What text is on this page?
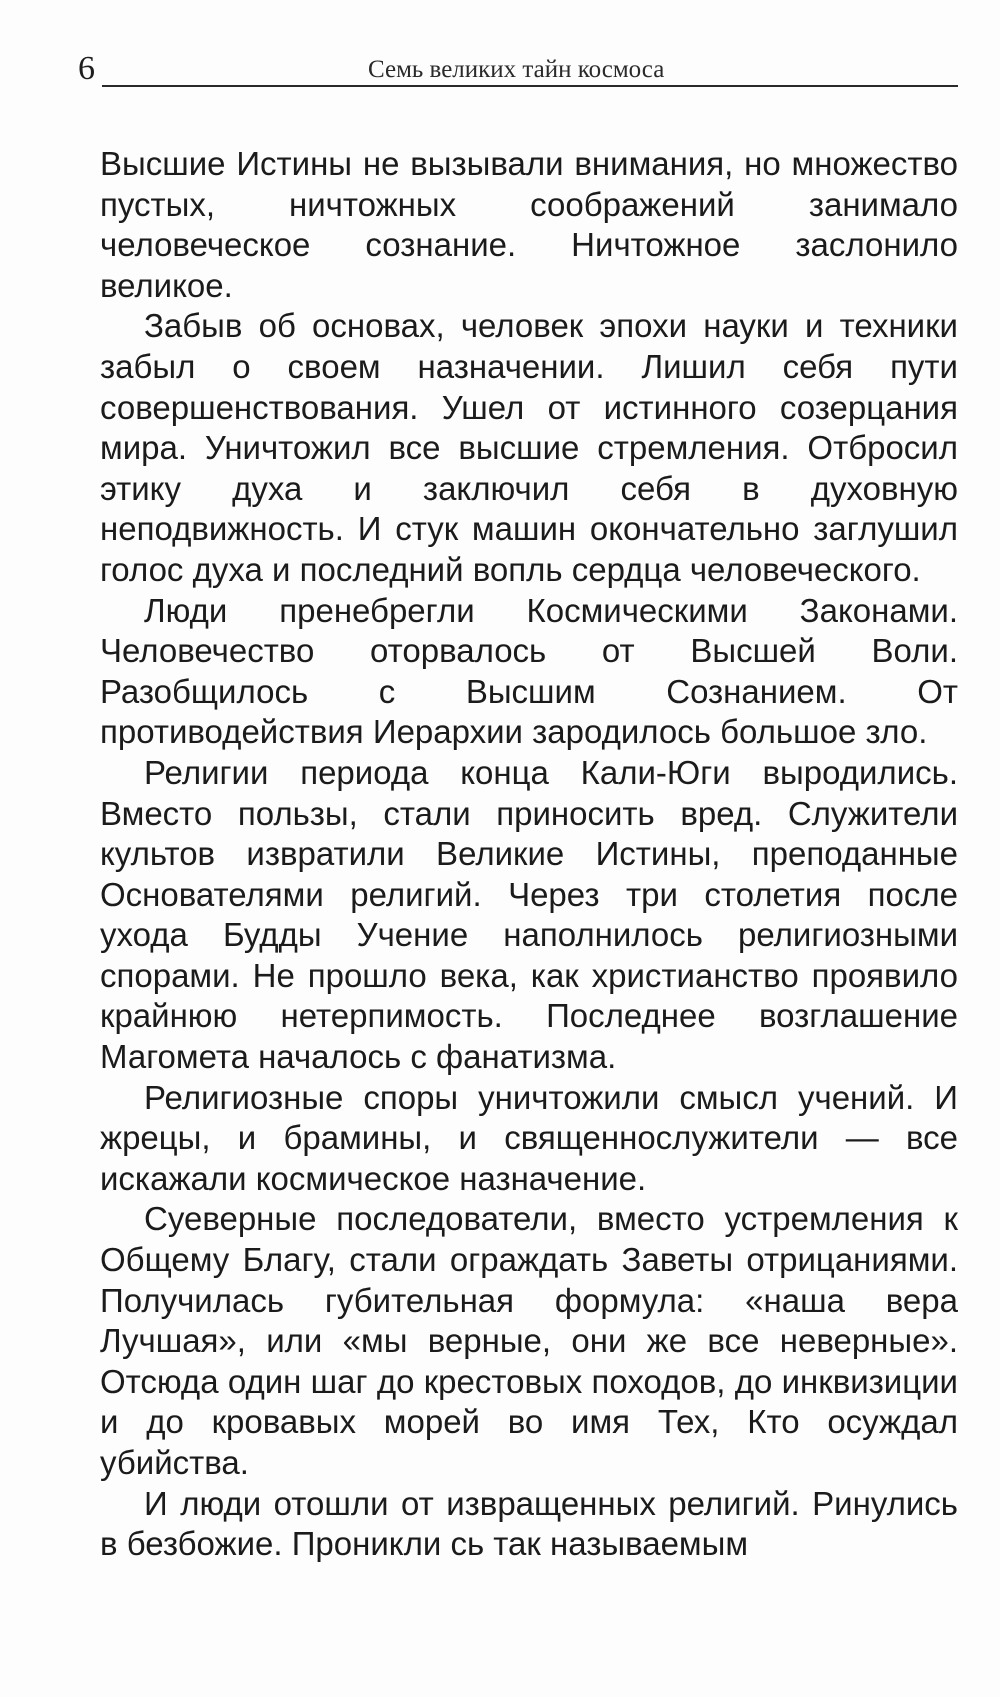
6	Семь великих тайн космоса

Высшие Истины не вызывали внимания, но множество пустых, ничтожных соображений занимало человеческое сознание. Ничтожное заслонило великое.

Забыв об основах, человек эпохи науки и техники забыл о своем назначении. Лишил себя пути совершенствования. Ушел от истинного созерцания мира. Уничтожил все высшие стремления. Отбросил этику духа и заключил себя в духовную неподвижность. И стук машин окончательно заглушил голос духа и последний вопль сердца человеческого.

Люди пренебрегли Космическими Законами. Человечество оторвалось от Высшей Воли. Разобщилось с Высшим Сознанием. От противодействия Иерархии зародилось большое зло.

Религии периода конца Кали-Юги выродились. Вместо пользы, стали приносить вред. Служители культов извратили Великие Истины, преподанные Основателями религий. Через три столетия после ухода Будды Учение наполнилось религиозными спорами. Не прошло века, как христианство проявило крайнюю нетерпимость. Последнее возглашение Магомета началось с фанатизма.

Религиозные споры уничтожили смысл учений. И жрецы, и брамины, и священнослужители — все искажали космическое назначение.

Суеверные последователи, вместо устремления к Общему Благу, стали ограждать Заветы отрицаниями. Получилась губительная формула: «наша вера Лучшая», или «мы верные, они же все неверные». Отсюда один шаг до крестовых походов, до инквизиции и до кровавых морей во имя Тех, Кто осуждал убийства.

И люди отошли от извращенных религий. Ринулись в безбожие. Проникли сь так называемым
